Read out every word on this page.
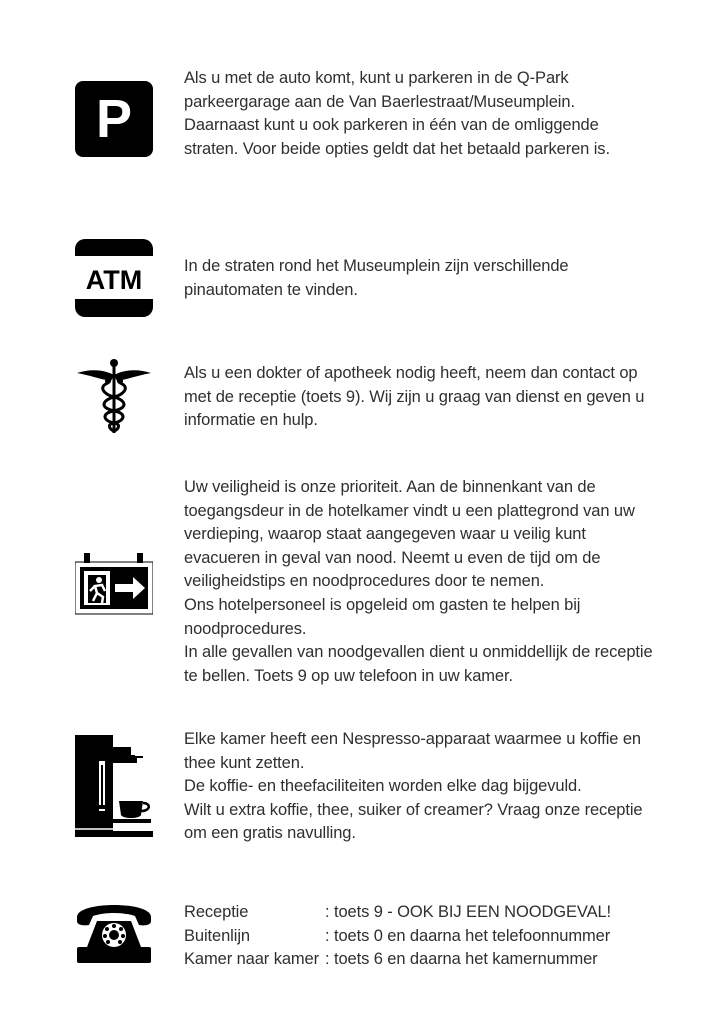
P

Als u met de auto komt, kunt u parkeren in de Q-Park parkeergarage aan de Van Baerlestraat/Museumplein. Daarnaast kunt u ook parkeren in één van de omliggende straten. Voor beide opties geldt dat het betaald parkeren is.

ATM	In de straten rond het Museumplein zijn verschillende pinautomaten te vinden.

Als u een dokter of apotheek nodig heeft, neem dan contact op met de receptie (toets 9). Wij zijn u graag van dienst en geven u informatie en hulp.

Uw veiligheid is onze prioriteit. Aan de binnenkant van de toegangsdeur in de hotelkamer vindt u een plattegrond van uw verdieping, waarop staat aangegeven waar u veilig kunt evacueren in geval van nood. Neemt u even de tijd om de veiligheidstips en noodprocedures door te nemen.

Ons hotelpersoneel is opgeleid om gasten te helpen bij noodprocedures.

In alle gevallen van noodgevallen dient u onmiddellijk de receptie te bellen. Toets 9 op uw telefoon in uw kamer.

Elke kamer heeft een Nespresso-apparaat waarmee u koffie en thee kunt zetten.

De koffie- en theefaciliteiten worden elke dag bijgevuld.

Wilt u extra koffie, thee, suiker of creamer? Vraag onze receptie om een gratis navulling.

Receptie	: toets 9 - OOK BIJ EEN NOODGEVAL!
Buitenlijn	: toets 0 en daarna het telefoonnummer
Kamer naar kamer	: toets 6 en daarna het kamernummer
